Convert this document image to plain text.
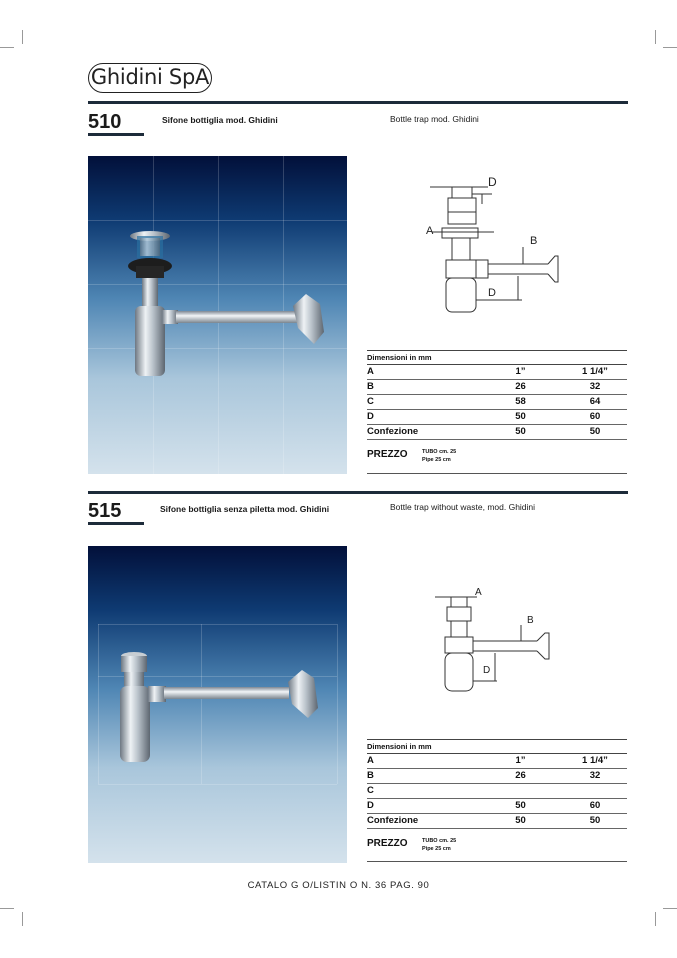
Ghidini SpA
510	Sifone bottiglia mod. Ghidini	Bottle trap mod. Ghidini
D
A
B
D
Dimensioni in mm
A	1”	1 1/4”
B	26	32
C	58	64
D	50	60
Confezione	50	50
PREZZO	TUBO cm. 25
Pipe 25 cm
515	Sifone bottiglia senza piletta mod. Ghidini	Bottle trap without waste, mod. Ghidini
A
B
D
Dimensioni in mm
A	1”	1 1/4”
B	26	32
C
D	50	60
Confezione	50	50
PREZZO	TUBO cm. 25
Pipe 25 cm
CATALO G O/LISTIN O N. 36 PAG. 90
